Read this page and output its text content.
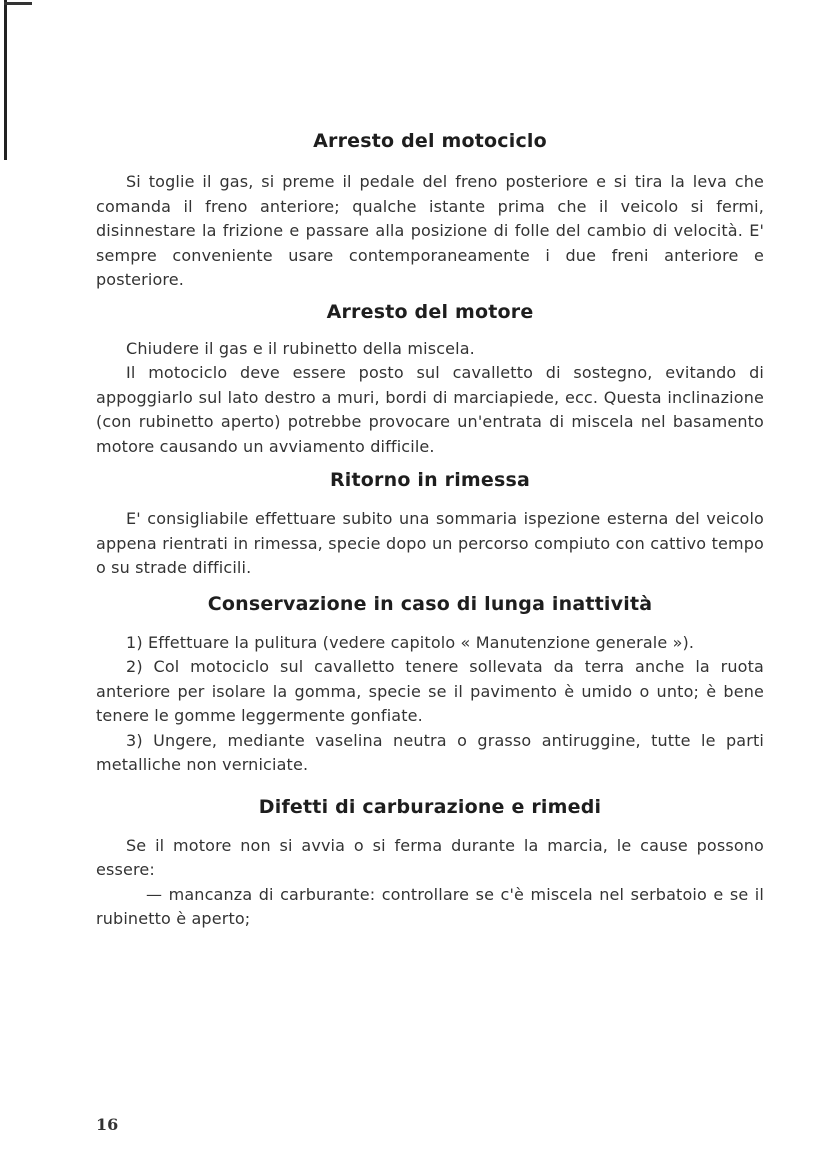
Arresto del motociclo

Si toglie il gas, si preme il pedale del freno posteriore e si tira la leva che comanda il freno anteriore; qualche istante prima che il veicolo si fermi, disinnestare la frizione e passare alla posizione di folle del cambio di velocità. E' sempre conveniente usare contemporaneamente i due freni anteriore e posteriore.

Arresto del motore

Chiudere il gas e il rubinetto della miscela.

Il motociclo deve essere posto sul cavalletto di sostegno, evitando di appoggiarlo sul lato destro a muri, bordi di marciapiede, ecc. Questa inclinazione (con rubinetto aperto) potrebbe provocare un'entrata di miscela nel basamento motore causando un avviamento difficile.

Ritorno in rimessa

E' consigliabile effettuare subito una sommaria ispezione esterna del veicolo appena rientrati in rimessa, specie dopo un percorso compiuto con cattivo tempo o su strade difficili.

Conservazione in caso di lunga inattività

1) Effettuare la pulitura (vedere capitolo « Manutenzione generale »).

2) Col motociclo sul cavalletto tenere sollevata da terra anche la ruota anteriore per isolare la gomma, specie se il pavimento è umido o unto; è bene tenere le gomme leggermente gonfiate.

3) Ungere, mediante vaselina neutra o grasso antiruggine, tutte le parti metalliche non verniciate.

Difetti di carburazione e rimedi

Se il motore non si avvia o si ferma durante la marcia, le cause possono essere:

— mancanza di carburante: controllare se c'è miscela nel serbatoio e se il rubinetto è aperto;

16
